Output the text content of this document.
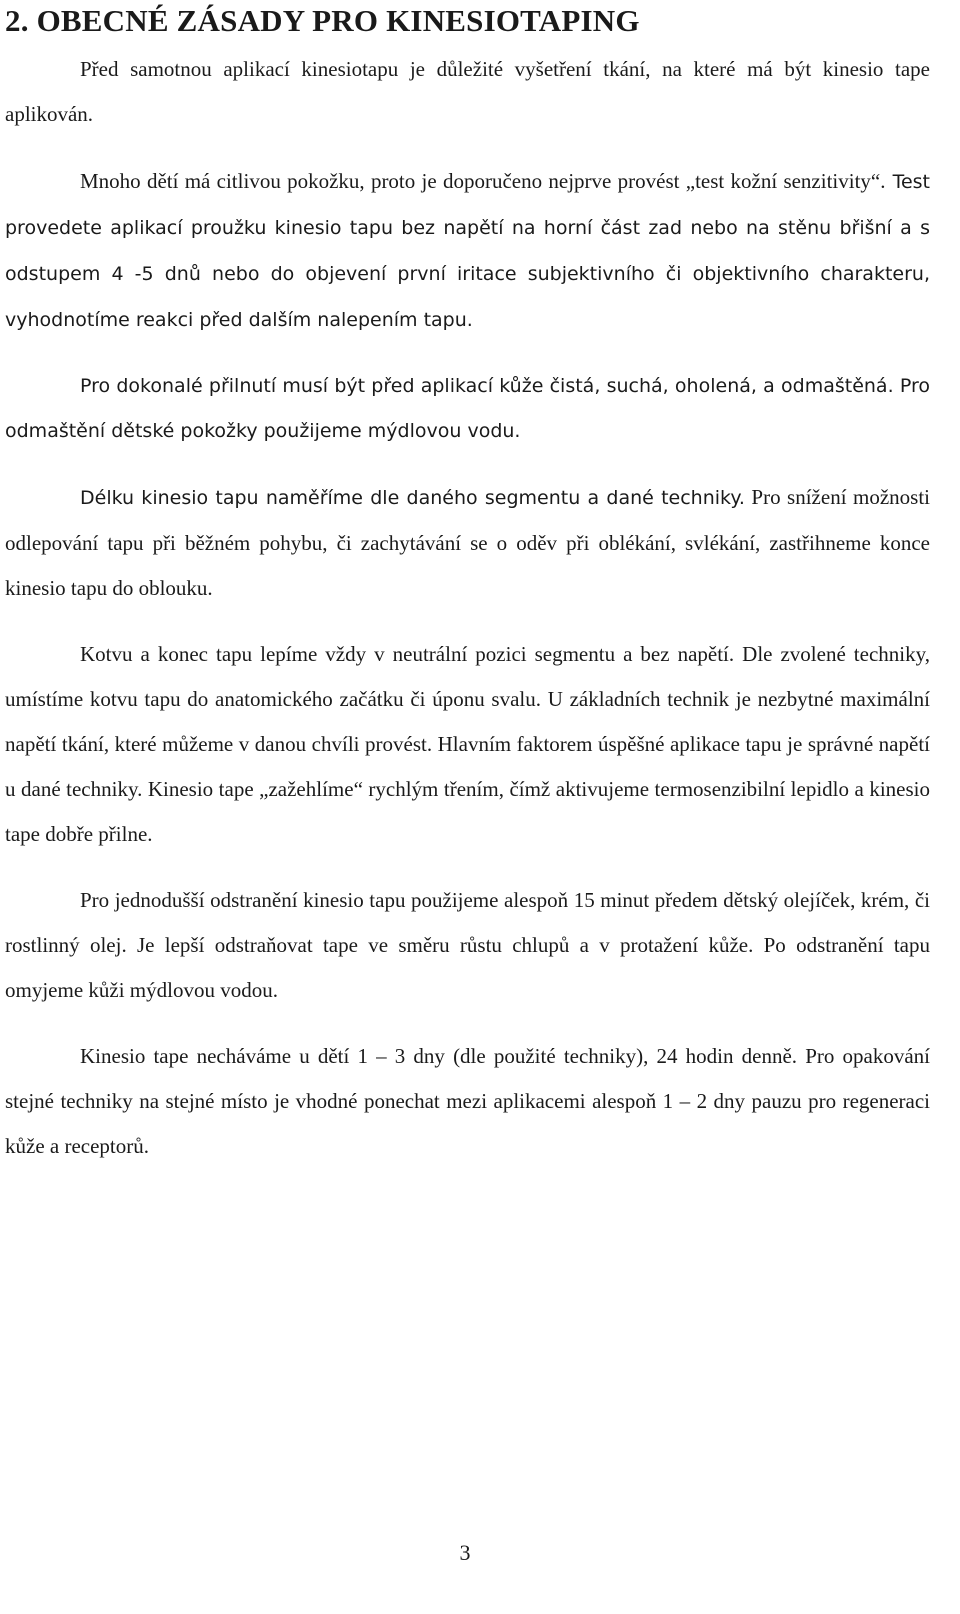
2. OBECNÉ ZÁSADY PRO KINESIOTAPING

Před samotnou aplikací kinesiotapu je důležité vyšetření tkání, na které má být kinesio tape aplikován.

Mnoho dětí má citlivou pokožku, proto je doporučeno nejprve provést „test kožní senzitivity“. Test provedete aplikací proužku kinesio tapu bez napětí na horní část zad nebo na stěnu břišní a s odstupem 4 -5 dnů nebo do objevení první iritace subjektivního či objektivního charakteru, vyhodnotíme reakci před dalším nalepením tapu.

Pro dokonalé přilnutí musí být před aplikací kůže čistá, suchá, oholená, a odmaštěná. Pro odmaštění dětské pokožky použijeme mýdlovou vodu.

Délku kinesio tapu naměříme dle daného segmentu a dané techniky. Pro snížení možnosti odlepování tapu při běžném pohybu, či zachytávání se o oděv při oblékání, svlékání, zastřihneme konce kinesio tapu do oblouku.

Kotvu a konec tapu lepíme vždy v neutrální pozici segmentu a bez napětí. Dle zvolené techniky, umístíme kotvu tapu do anatomického začátku či úponu svalu. U základních technik je nezbytné maximální napětí tkání, které můžeme v danou chvíli provést. Hlavním faktorem úspěšné aplikace tapu je správné napětí u dané techniky. Kinesio tape „zažehlíme“ rychlým třením, čímž aktivujeme termosenzibilní lepidlo a kinesio tape dobře přilne.

Pro jednodušší odstranění kinesio tapu použijeme alespoň 15 minut předem dětský olejíček, krém, či rostlinný olej. Je lepší odstraňovat tape ve směru růstu chlupů a v protažení kůže. Po odstranění tapu omyjeme kůži mýdlovou vodou.

Kinesio tape necháváme u dětí 1 – 3 dny (dle použité techniky), 24 hodin denně. Pro opakování stejné techniky na stejné místo je vhodné ponechat mezi aplikacemi alespoň 1 – 2 dny pauzu pro regeneraci kůže a receptorů.

3
